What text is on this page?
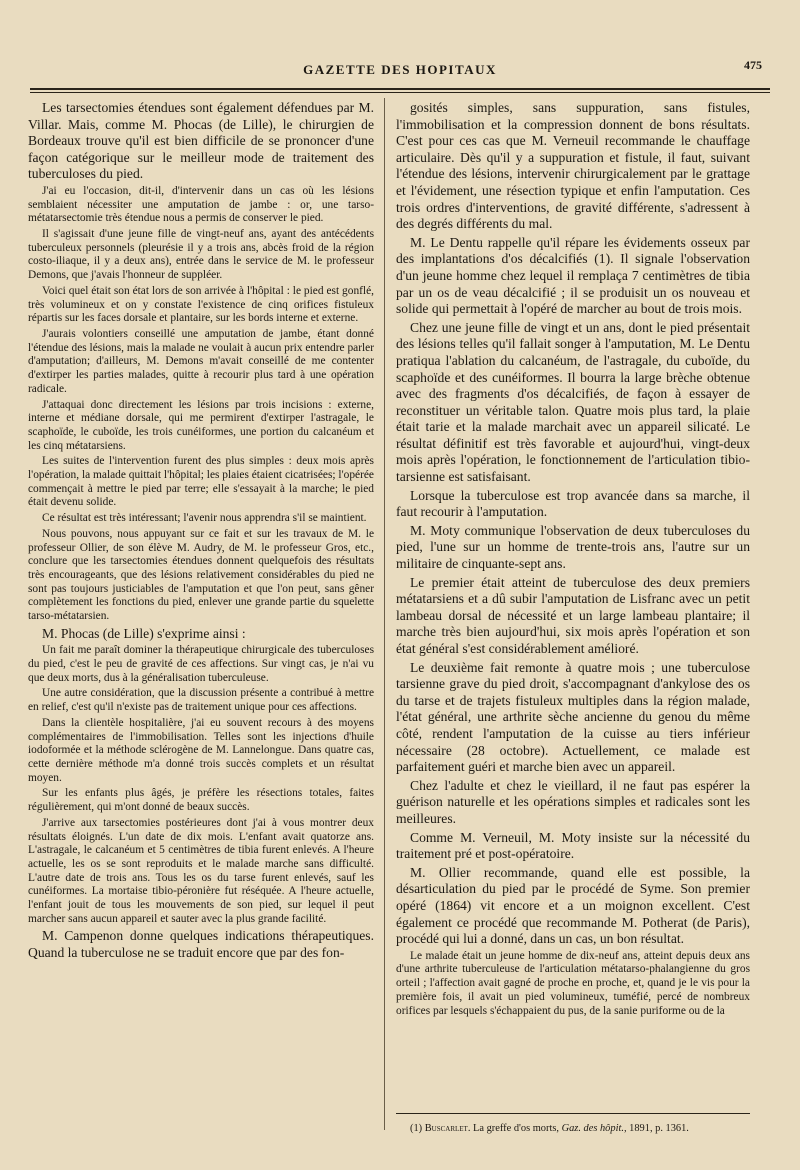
GAZETTE DES HOPITAUX	475

Les tarsectomies étendues sont également défendues par M. Villar. Mais, comme M. Phocas (de Lille), le chirurgien de Bordeaux trouve qu'il est bien difficile de se prononcer d'une façon catégorique sur le meilleur mode de traitement des tuberculoses du pied.

J'ai eu l'occasion, dit-il, d'intervenir dans un cas où les lésions semblaient nécessiter une amputation de jambe : or, une tarso-métatarsectomie très étendue nous a permis de conserver le pied.

Il s'agissait d'une jeune fille de vingt-neuf ans, ayant des antécédents tuberculeux personnels (pleurésie il y a trois ans, abcès froid de la région costo-iliaque, il y a deux ans), entrée dans le service de M. le professeur Demons, que j'avais l'honneur de suppléer.

Voici quel était son état lors de son arrivée à l'hôpital : le pied est gonflé, très volumineux et on y constate l'existence de cinq orifices fistuleux répartis sur les faces dorsale et plantaire, sur les bords interne et externe.

J'aurais volontiers conseillé une amputation de jambe, étant donné l'étendue des lésions, mais la malade ne voulait à aucun prix entendre parler d'amputation; d'ailleurs, M. Demons m'avait conseillé de me contenter d'extirper les parties malades, quitte à recourir plus tard à une opération radicale.

J'attaquai donc directement les lésions par trois incisions : externe, interne et médiane dorsale, qui me permirent d'extirper l'astragale, le scaphoïde, le cuboïde, les trois cunéiformes, une portion du calcanéum et les cinq métatarsiens.

Les suites de l'intervention furent des plus simples : deux mois après l'opération, la malade quittait l'hôpital; les plaies étaient cicatrisées; l'opérée commençait à mettre le pied par terre; elle s'essayait à la marche; le pied était devenu solide.

Ce résultat est très intéressant; l'avenir nous apprendra s'il se maintient.

Nous pouvons, nous appuyant sur ce fait et sur les travaux de M. le professeur Ollier, de son élève M. Audry, de M. le professeur Gros, etc., conclure que les tarsectomies étendues donnent quelquefois des résultats très encourageants, que des lésions relativement considérables du pied ne sont pas toujours justiciables de l'amputation et que l'on peut, sans gêner complètement les fonctions du pied, enlever une grande partie du squelette tarso-métatarsien.

M. Phocas (de Lille) s'exprime ainsi :

Un fait me paraît dominer la thérapeutique chirurgicale des tuberculoses du pied, c'est le peu de gravité de ces affections. Sur vingt cas, je n'ai vu que deux morts, dus à la généralisation tuberculeuse.

Une autre considération, que la discussion présente a contribué à mettre en relief, c'est qu'il n'existe pas de traitement unique pour ces affections.

Dans la clientèle hospitalière, j'ai eu souvent recours à des moyens complémentaires de l'immobilisation. Telles sont les injections d'huile iodoformée et la méthode sclérogène de M. Lannelongue. Dans quatre cas, cette dernière méthode m'a donné trois succès complets et un résultat moyen.

Sur les enfants plus âgés, je préfère les résections totales, faites régulièrement, qui m'ont donné de beaux succès.

J'arrive aux tarsectomies postérieures dont j'ai à vous montrer deux résultats éloignés. L'un date de dix mois. L'enfant avait quatorze ans. L'astragale, le calcanéum et 5 centimètres de tibia furent enlevés. A l'heure actuelle, les os se sont reproduits et le malade marche sans difficulté. L'autre date de trois ans. Tous les os du tarse furent enlevés, sauf les cunéiformes. La mortaise tibio-péronière fut réséquée. A l'heure actuelle, l'enfant jouit de tous les mouvements de son pied, sur lequel il peut marcher sans aucun appareil et sauter avec la plus grande facilité.

M. Campenon donne quelques indications thérapeutiques. Quand la tuberculose ne se traduit encore que par des fon-

gosités simples, sans suppuration, sans fistules, l'immobilisation et la compression donnent de bons résultats. C'est pour ces cas que M. Verneuil recommande le chauffage articulaire. Dès qu'il y a suppuration et fistule, il faut, suivant l'étendue des lésions, intervenir chirurgicalement par le grattage et l'évidement, une résection typique et enfin l'amputation. Ces trois ordres d'interventions, de gravité différente, s'adressent à des degrés différents du mal.

M. Le Dentu rappelle qu'il répare les évidements osseux par des implantations d'os décalcifiés (1). Il signale l'observation d'un jeune homme chez lequel il remplaça 7 centimètres de tibia par un os de veau décalcifié ; il se produisit un os nouveau et solide qui permettait à l'opéré de marcher au bout de trois mois.

Chez une jeune fille de vingt et un ans, dont le pied présentait des lésions telles qu'il fallait songer à l'amputation, M. Le Dentu pratiqua l'ablation du calcanéum, de l'astragale, du cuboïde, du scaphoïde et des cunéiformes. Il bourra la large brèche obtenue avec des fragments d'os décalcifiés, de façon à essayer de reconstituer un véritable talon. Quatre mois plus tard, la plaie était tarie et la malade marchait avec un appareil silicaté. Le résultat définitif est très favorable et aujourd'hui, vingt-deux mois après l'opération, le fonctionnement de l'articulation tibio-tarsienne est satisfaisant.

Lorsque la tuberculose est trop avancée dans sa marche, il faut recourir à l'amputation.

M. Moty communique l'observation de deux tuberculoses du pied, l'une sur un homme de trente-trois ans, l'autre sur un militaire de cinquante-sept ans.

Le premier était atteint de tuberculose des deux premiers métatarsiens et a dû subir l'amputation de Lisfranc avec un petit lambeau dorsal de nécessité et un large lambeau plantaire; il marche très bien aujourd'hui, six mois après l'opération et son état général s'est considérablement amélioré.

Le deuxième fait remonte à quatre mois ; une tuberculose tarsienne grave du pied droit, s'accompagnant d'ankylose des os du tarse et de trajets fistuleux multiples dans la région malade, l'état général, une arthrite sèche ancienne du genou du même côté, rendent l'amputation de la cuisse au tiers inférieur nécessaire (28 octobre). Actuellement, ce malade est parfaitement guéri et marche bien avec un appareil.

Chez l'adulte et chez le vieillard, il ne faut pas espérer la guérison naturelle et les opérations simples et radicales sont les meilleures.

Comme M. Verneuil, M. Moty insiste sur la nécessité du traitement pré et post-opératoire.

M. Ollier recommande, quand elle est possible, la désarticulation du pied par le procédé de Syme. Son premier opéré (1864) vit encore et a un moignon excellent. C'est également ce procédé que recommande M. Potherat (de Paris), procédé qui lui a donné, dans un cas, un bon résultat.

Le malade était un jeune homme de dix-neuf ans, atteint depuis deux ans d'une arthrite tuberculeuse de l'articulation métatarso-phalangienne du gros orteil ; l'affection avait gagné de proche en proche, et, quand je le vis pour la première fois, il avait un pied volumineux, tuméfié, percé de nombreux orifices par lesquels s'échappaient du pus, de la sanie puriforme ou de la

(1) Buscarlet. La greffe d'os morts, Gaz. des hôpit., 1891, p. 1361.
